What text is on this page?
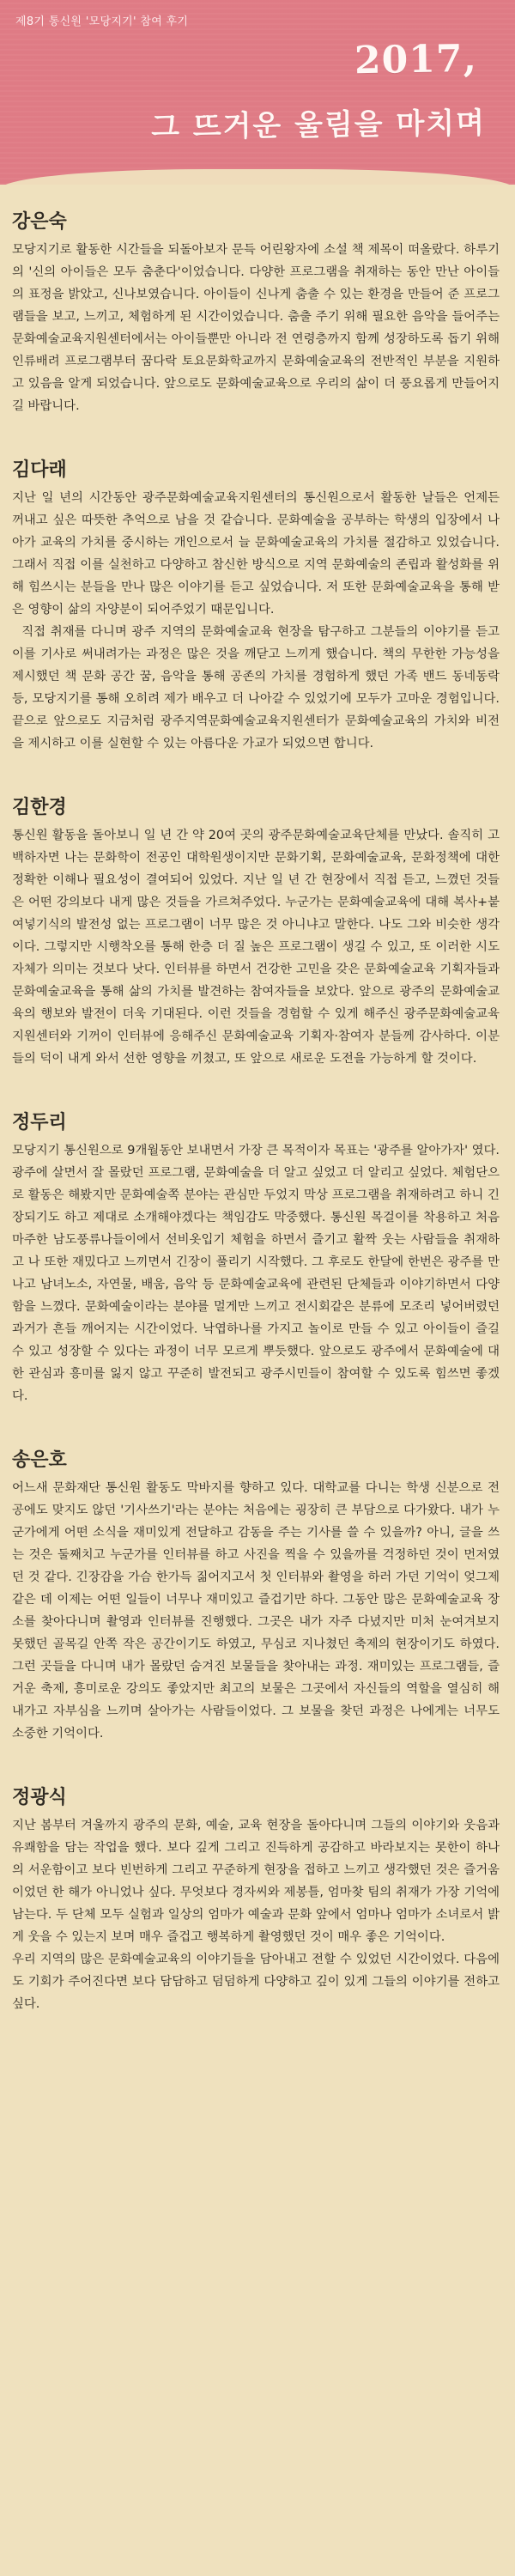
제8기 통신원 '모당지기' 참여 후기
2017,
그 뜨거운 울림을 마치며
강은숙
모당지기로 활동한 시간들을 되돌아보자 문득 어린왕자에 소설 책 제목이 떠올랐다. 하루기의 '신의 아이들은 모두 춤춘다'이었습니다. 다양한 프로그램을 취재하는 동안 만난 아이들의 표정을 밝았고, 신나보였습니다. 아이들이 신나게 춤출 수 있는 환경을 만들어 준 프로그램들을 보고, 느끼고, 체험하게 된 시간이었습니다. 춤출 주기 위해 필요한 음악을 들어주는 문화예술교육지원센터에서는 아이들뿐만 아니라 전 연령층까지 함께 성장하도록 돕기 위해 인류배려 프로그램부터 꿈다락 토요문화학교까지 문화예술교육의 전반적인 부분을 지원하고 있음을 알게 되었습니다. 앞으로도 문화예술교육으로 우리의 삶이 더 풍요롭게 만들어지길 바랍니다.
김다래
지난 일 년의 시간동안 광주문화예술교육지원센터의 통신원으로서 활동한 날들은 언제든 꺼내고 싶은 따뜻한 추억으로 남을 것 같습니다. 문화예술을 공부하는 학생의 입장에서 나아가 교육의 가치를 중시하는 개인으로서 늘 문화예술교육의 가치를 절감하고 있었습니다. 그래서 직접 이를 실천하고 다양하고 참신한 방식으로 지역 문화예술의 존립과 활성화를 위해 힘쓰시는 분들을 만나 많은 이야기를 듣고 싶었습니다. 저 또한 문화예술교육을 통해 받은 영향이 삶의 자양분이 되어주었기 때문입니다.
직접 취재를 다니며 광주 지역의 문화예술교육 현장을 탐구하고 그분들의 이야기를 듣고 이를 기사로 써내려가는 과정은 많은 것을 깨닫고 느끼게 했습니다. 책의 무한한 가능성을 제시했던 책 문화 공간 꿈, 음악을 통해 공존의 가치를 경험하게 했던 가족 밴드 동네동락 등, 모당지기를 통해 오히려 제가 배우고 더 나아갈 수 있었기에 모두가 고마운 경험입니다. 끝으로 앞으로도 지금처럼 광주지역문화예술교육지원센터가 문화예술교육의 가치와 비전을 제시하고 이를 실현할 수 있는 아름다운 가교가 되었으면 합니다.
김한경
통신원 활동을 돌아보니 일 년 간 약 20여 곳의 광주문화예술교육단체를 만났다. 솔직히 고백하자면 나는 문화학이 전공인 대학원생이지만 문화기획, 문화예술교육, 문화정책에 대한 정확한 이해나 필요성이 결여되어 있었다. 지난 일 년 간 현장에서 직접 듣고, 느꼈던 것들은 어떤 강의보다 내게 많은 것들을 가르쳐주었다. 누군가는 문화예술교육에 대해 복사+붙여넣기식의 발전성 없는 프로그램이 너무 많은 것 아니냐고 말한다. 나도 그와 비슷한 생각이다. 그렇지만 시행착오를 통해 한층 더 질 높은 프로그램이 생길 수 있고, 또 이러한 시도 자체가 의미는 것보다 낫다. 인터뷰를 하면서 건강한 고민을 갖은 문화예술교육 기획자들과 문화예술교육을 통해 삶의 가치를 발견하는 참여자들을 보았다. 앞으로 광주의 문화예술교육의 행보와 발전이 더욱 기대된다. 이런 것들을 경험할 수 있게 해주신 광주문화예술교육지원센터와 기꺼이 인터뷰에 응해주신 문화예술교육 기획자·참여자 분들께 감사하다. 이분들의 덕이 내게 와서 선한 영향을 끼쳤고, 또 앞으로 새로운 도전을 가능하게 할 것이다.
정두리
모당지기 통신원으로 9개월동안 보내면서 가장 큰 목적이자 목표는 '광주를 알아가자' 였다. 광주에 살면서 잘 몰랐던 프로그램, 문화예술을 더 알고 싶었고 더 알리고 싶었다. 체험단으로 활동은 해봤지만 문화예술쪽 분야는 관심만 두었지 막상 프로그램을 취재하려고 하니 긴장되기도 하고 제대로 소개해야겠다는 책임감도 막중했다. 통신원 목걸이를 착용하고 처음 마주한 남도풍류나들이에서 선비옷입기 체험을 하면서 즐기고 활짝 웃는 사람들을 취재하고 나 또한 재밌다고 느끼면서 긴장이 풀리기 시작했다. 그 후로도 한달에 한번은 광주를 만나고 남녀노소, 자연물, 배움, 음악 등 문화예술교육에 관련된 단체들과 이야기하면서 다양함을 느꼈다. 문화예술이라는 분야를 멀게만 느끼고 전시회같은 분류에 모조리 넣어버렸던 과거가 흔들 깨어지는 시간이었다. 낙엽하나를 가지고 놀이로 만들 수 있고 아이들이 즐길 수 있고 성장할 수 있다는 과정이 너무 모르게 뿌듯했다. 앞으로도 광주에서 문화예술에 대한 관심과 흥미를 잃지 않고 꾸준히 발전되고 광주시민들이 참여할 수 있도록 힘쓰면 좋겠다.
송은호
어느새 문화재단 통신원 활동도 막바지를 향하고 있다. 대학교를 다니는 학생 신분으로 전공에도 맞지도 않던 '기사쓰기'라는 분야는 처음에는 굉장히 큰 부담으로 다가왔다. 내가 누군가에게 어떤 소식을 재미있게 전달하고 감동을 주는 기사를 쓸 수 있을까? 아니, 글을 쓰는 것은 둘째치고 누군가를 인터뷰를 하고 사진을 찍을 수 있을까를 걱정하던 것이 먼저였던 것 같다. 긴장감을 가슴 한가득 짊어지고서 첫 인터뷰와 촬영을 하러 가던 기억이 엊그제 같은 데 이제는 어떤 일들이 너무나 재미있고 즐겁기만 하다. 그동안 많은 문화예술교육 장소를 찾아다니며 촬영과 인터뷰를 진행했다. 그곳은 내가 자주 다녔지만 미처 눈여겨보지 못했던 골목길 안쪽 작은 공간이기도 하였고, 무심코 지나쳤던 축제의 현장이기도 하였다. 그런 곳들을 다니며 내가 몰랐던 숨겨진 보물들을 찾아내는 과정. 재미있는 프로그램들, 즐거운 축제, 흥미로운 강의도 좋았지만 최고의 보물은 그곳에서 자신들의 역할을 열심히 해내가고 자부심을 느끼며 살아가는 사람들이었다. 그 보물을 찾던 과정은 나에게는 너무도 소중한 기억이다.
정광식
지난 봄부터 겨울까지 광주의 문화, 예술, 교육 현장을 돌아다니며 그들의 이야기와 웃음과 유쾌함을 담는 작업을 했다. 보다 깊게 그리고 진득하게 공감하고 바라보지는 못한이 하나의 서운함이고 보다 빈번하게 그리고 꾸준하게 현장을 접하고 느끼고 생각했던 것은 즐거움이었던 한 해가 아니었나 싶다. 무엇보다 경자씨와 제봉틀, 엄마찾 팀의 취재가 가장 기억에 남는다. 두 단체 모두 실험과 일상의 엄마가 예술과 문화 앞에서 엄마나 엄마가 소녀로서 밝게 웃을 수 있는지 보며 매우 즐겁고 행복하게 촬영했던 것이 매우 좋은 기억이다.
우리 지역의 많은 문화예술교육의 이야기들을 담아내고 전할 수 있었던 시간이었다. 다음에도 기회가 주어진다면 보다 담담하고 덤덤하게 다양하고 깊이 있게 그들의 이야기를 전하고 싶다.
